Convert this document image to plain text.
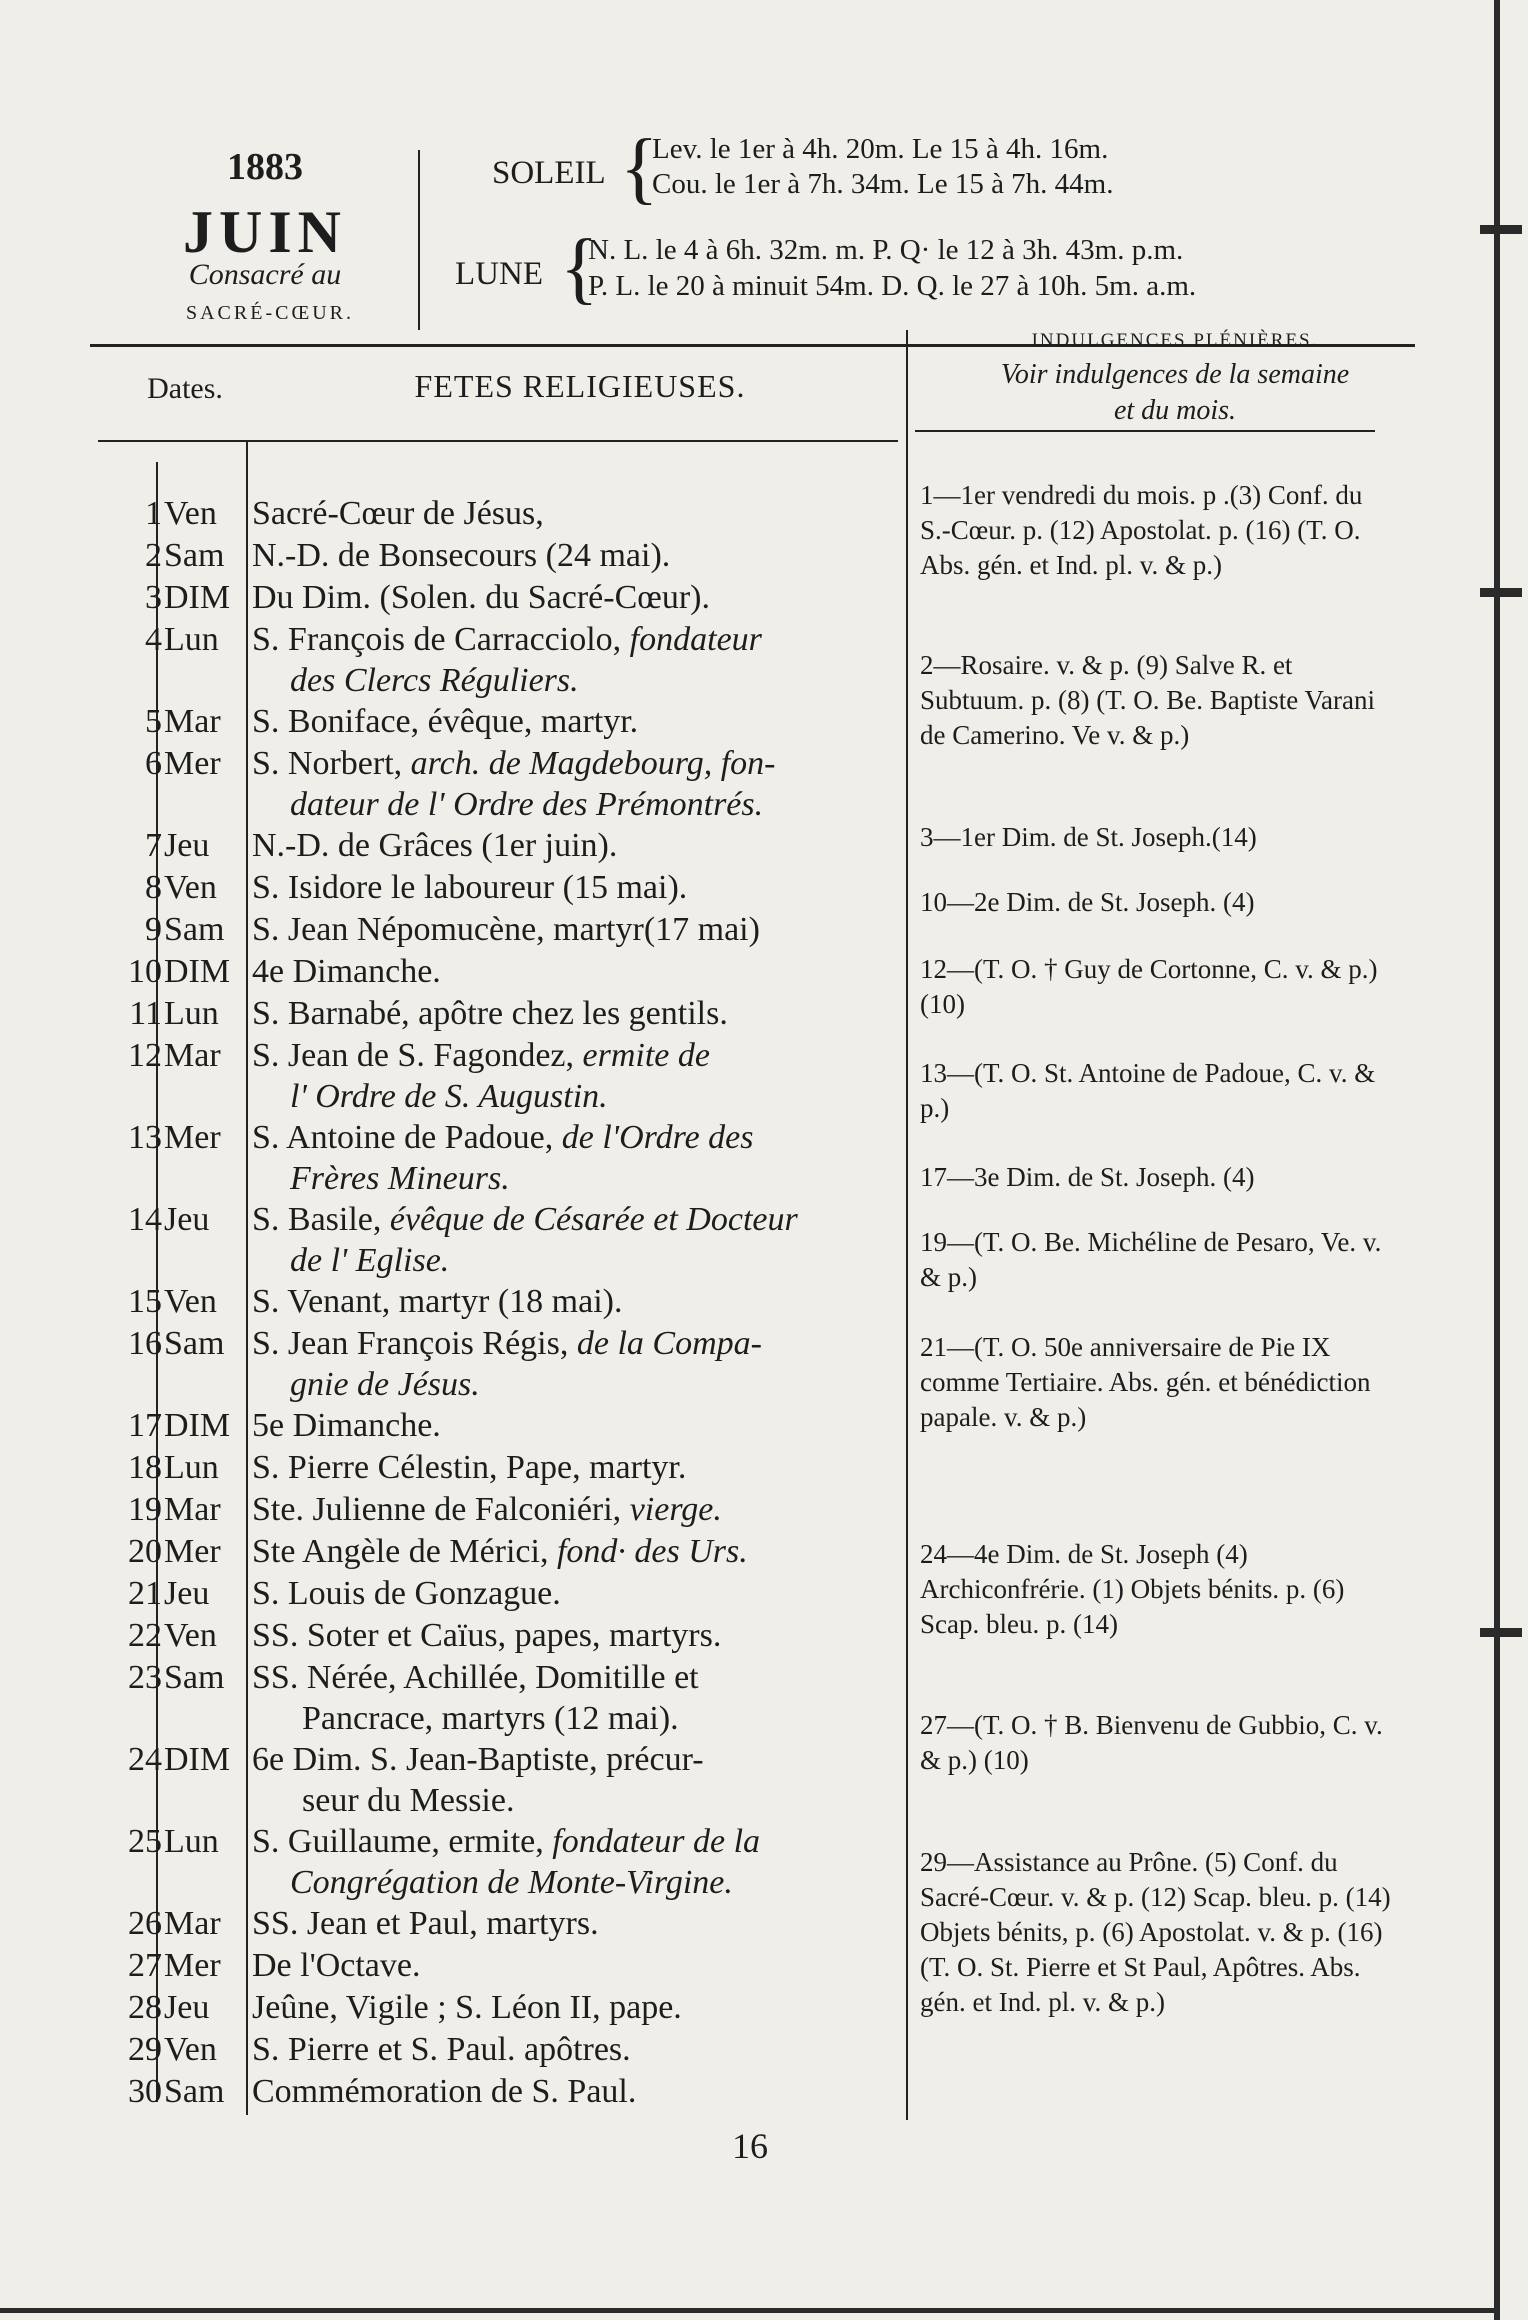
1883
JUIN
Consacré au
SACRÉ-CŒUR.
SOLEIL {
Lev. le 1er à 4h. 20m. Le 15 à 4h. 16m.
Cou. le 1er à 7h. 34m. Le 15 à 7h. 44m.
LUNE {
N. L. le 4 à 6h. 32m. m. P. Q· le 12 à 3h. 43m. p.m.
P. L. le 20 à minuit 54m. D. Q. le 27 à 10h. 5m. a.m.
Dates.	FETES RELIGIEUSES.
INDULGENCES PLÉNIÈRES.
Voir indulgences de la semaine
et du mois.
1 Ven Sacré-Cœur de Jésus,
2 Sam N.-D. de Bonsecours (24 mai).
3 DIM Du Dim. (Solen. du Sacré-Cœur).
4 Lun S. François de Carracciolo, fondateur
des Clercs Réguliers.
5 Mar S. Boniface, évêque, martyr.
6 Mer S. Norbert, arch. de Magdebourg, fon-
dateur de l' Ordre des Prémontrés.
7 Jeu N.-D. de Grâces (1er juin).
8 Ven S. Isidore le laboureur (15 mai).
9 Sam S. Jean Népomucène, martyr(17 mai)
10 DIM 4e Dimanche.
11 Lun S. Barnabé, apôtre chez les gentils.
12 Mar S. Jean de S. Fagondez, ermite de
l' Ordre de S. Augustin.
13 Mer S. Antoine de Padoue, de l'Ordre des
Frères Mineurs.
14 Jeu S. Basile, évêque de Césarée et Docteur
de l' Eglise.
15 Ven S. Venant, martyr (18 mai).
16 Sam S. Jean François Régis, de la Compa-
gnie de Jésus.
17 DIM 5e Dimanche.
18 Lun S. Pierre Célestin, Pape, martyr.
19 Mar Ste. Julienne de Falconiéri, vierge.
20 Mer Ste Angèle de Mérici, fond· des Urs.
21 Jeu S. Louis de Gonzague.
22 Ven SS. Soter et Caïus, papes, martyrs.
23 Sam SS. Nérée, Achillée, Domitille et
Pancrace, martyrs (12 mai).
24 DIM 6e Dim. S. Jean-Baptiste, précur-
seur du Messie.
25 Lun S. Guillaume, ermite, fondateur de la
Congrégation de Monte-Virgine.
26 Mar SS. Jean et Paul, martyrs.
27 Mer De l'Octave.
28 Jeu Jeûne, Vigile ; S. Léon II, pape.
29 Ven S. Pierre et S. Paul. apôtres.
30 Sam Commémoration de S. Paul.
1—1er vendredi du mois. p .(3) Conf. du S.-Cœur. p. (12) Apostolat. p. (16) (T. O. Abs. gén. et Ind. pl. v. & p.)
2—Rosaire. v. & p. (9) Salve R. et Subtuum. p. (8) (T. O. Be. Baptiste Varani de Camerino. Ve v. & p.)
3—1er Dim. de St. Joseph.(14)
10—2e Dim. de St. Joseph. (4)
12—(T. O. † Guy de Cortonne, C. v. & p.) (10)
13—(T. O. St. Antoine de Padoue, C. v. & p.)
17—3e Dim. de St. Joseph. (4)
19—(T. O. Be. Michéline de Pesaro, Ve. v. & p.)
21—(T. O. 50e anniversaire de Pie IX comme Tertiaire. Abs. gén. et bénédiction papale. v. & p.)
24—4e Dim. de St. Joseph (4) Archiconfrérie. (1) Objets bénits. p. (6) Scap. bleu. p. (14)
27—(T. O. † B. Bienvenu de Gubbio, C. v. & p.) (10)
29—Assistance au Prône. (5) Conf. du Sacré-Cœur. v. & p. (12) Scap. bleu. p. (14) Objets bénits, p. (6) Apostolat. v. & p. (16) (T. O. St. Pierre et St Paul, Apôtres. Abs. gén. et Ind. pl. v. & p.)
16
